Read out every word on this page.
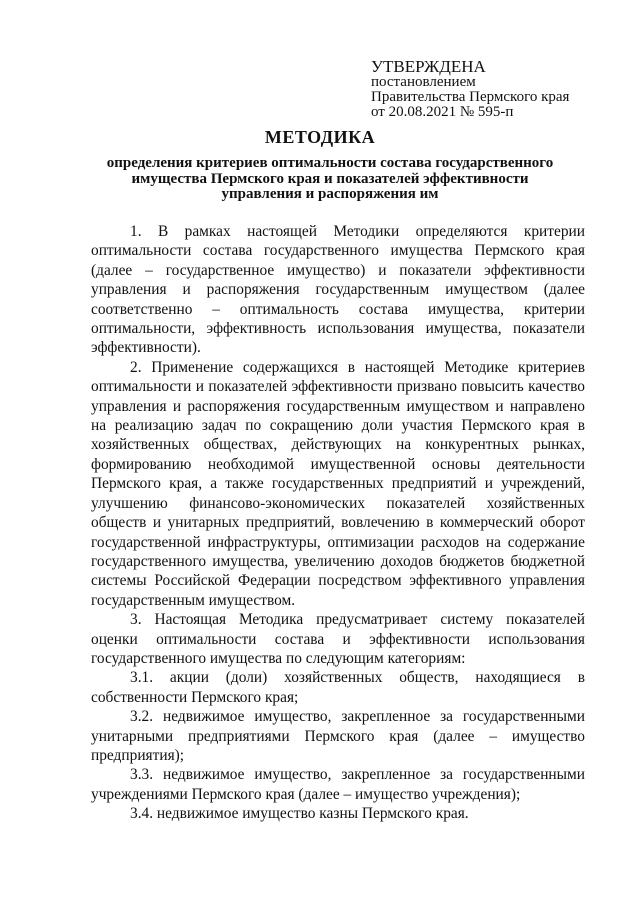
УТВЕРЖДЕНА
постановлением
Правительства Пермского края
от 20.08.2021 № 595-п
МЕТОДИКА
определения критериев оптимальности состава государственного имущества Пермского края и показателей эффективности управления и распоряжения им

1. В рамках настоящей Методики определяются критерии оптимальности состава государственного имущества Пермского края (далее – государственное имущество) и показатели эффективности управления и распоряжения государственным имуществом (далее соответственно – оптимальность состава имущества, критерии оптимальности, эффективность использования имущества, показатели эффективности).

2. Применение содержащихся в настоящей Методике критериев оптимальности и показателей эффективности призвано повысить качество управления и распоряжения государственным имуществом и направлено на реализацию задач по сокращению доли участия Пермского края в хозяйственных обществах, действующих на конкурентных рынках, формированию необходимой имущественной основы деятельности Пермского края, а также государственных предприятий и учреждений, улучшению финансово-экономических показателей хозяйственных обществ и унитарных предприятий, вовлечению в коммерческий оборот государственной инфраструктуры, оптимизации расходов на содержание государственного имущества, увеличению доходов бюджетов бюджетной системы Российской Федерации посредством эффективного управления государственным имуществом.

3. Настоящая Методика предусматривает систему показателей оценки оптимальности состава и эффективности использования государственного имущества по следующим категориям:

3.1. акции (доли) хозяйственных обществ, находящиеся в собственности Пермского края;

3.2. недвижимое имущество, закрепленное за государственными унитарными предприятиями Пермского края (далее – имущество предприятия);

3.3. недвижимое имущество, закрепленное за государственными учреждениями Пермского края (далее – имущество учреждения);

3.4. недвижимое имущество казны Пермского края.
